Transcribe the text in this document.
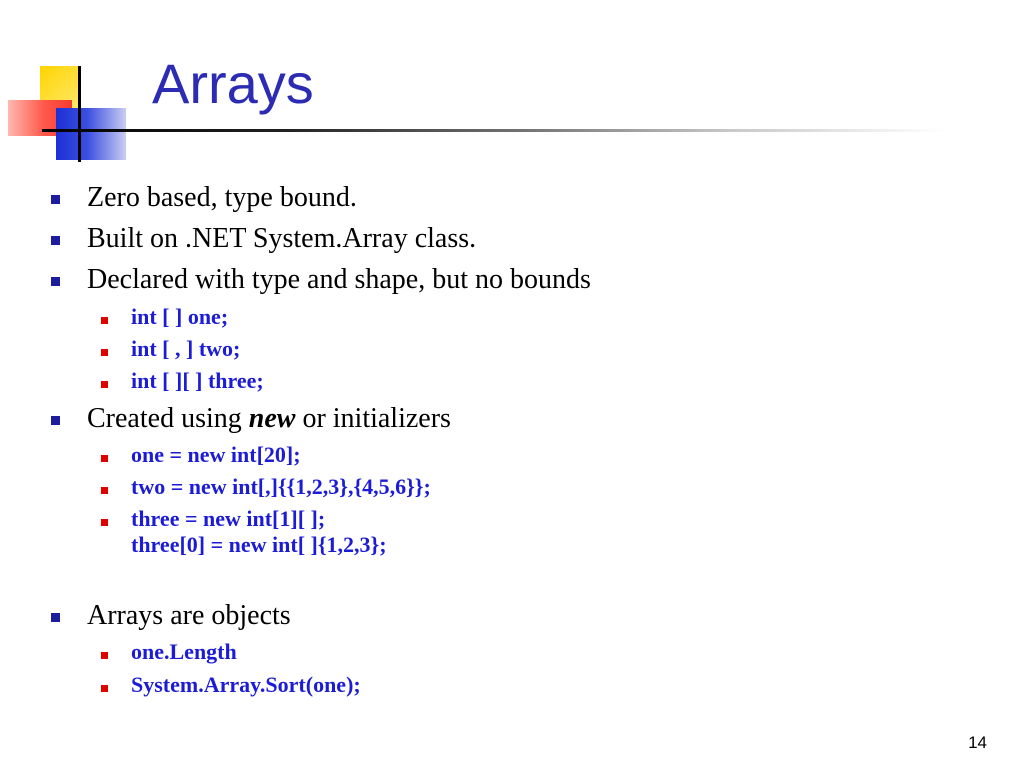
Arrays

Zero based, type bound.

Built on .NET System.Array class.

Declared with type and shape, but no bounds

int [ ] one;

int [ , ] two;

int [ ][ ] three;

Created using new or initializers

one = new int[20];

two = new int[,]{{1,2,3},{4,5,6}};

three = new int[1][ ];

three[0] = new int[ ]{1,2,3};

Arrays are objects

one.Length

System.Array.Sort(one);

14
